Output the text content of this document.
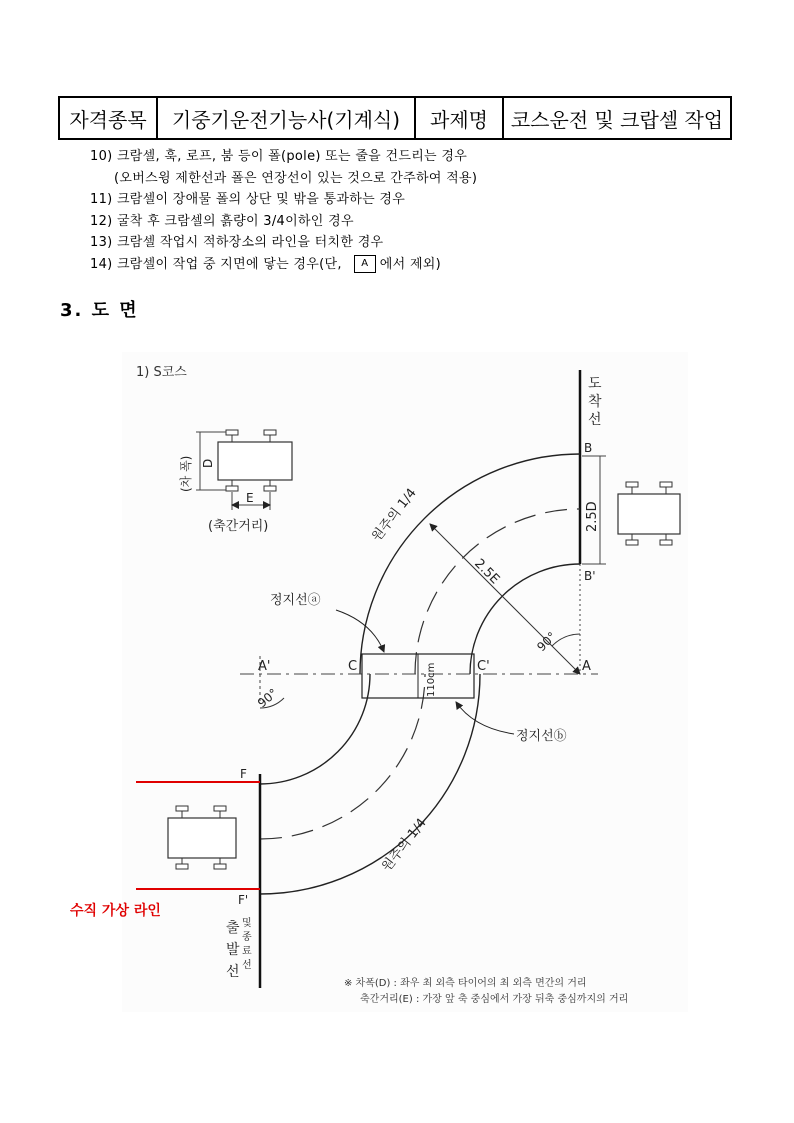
자격종목	기중기운전기능사(기계식)	과제명	코스운전 및 크랍셀 작업
10) 크람셀, 훅, 로프, 붐 등이 폴(pole) 또는 줄을 건드리는 경우
(오버스윙 제한선과 폴은 연장선이 있는 것으로 간주하여 적용)
11) 크람셀이 장애물 폴의 상단 및 밖을 통과하는 경우
12) 굴착 후 크람셀의 흙량이 3/4이하인 경우
13) 크람셀 작업시 적하장소의 라인을 터치한 경우
14) 크람셀이 작업 중 지면에 닿는 경우(단, A 에서 제외)
3. 도 면
1) S코스
도
착
선
B
B'
2.5D
110cm
C	C'	A
A'
2.5E
90°
90°
원주의 1/4
원주의 1/4
정지선ⓐ
정지선ⓑ
F
F'
출
발
선
및
종
료
선
(차 폭) D
E
(축간거리)
※ 차폭(D) : 좌우 최 외측 타이어의 최 외측 면간의 거리
축간거리(E) : 가장 앞 축 중심에서 가장 뒤축 중심까지의 거리
수직 가상 라인
